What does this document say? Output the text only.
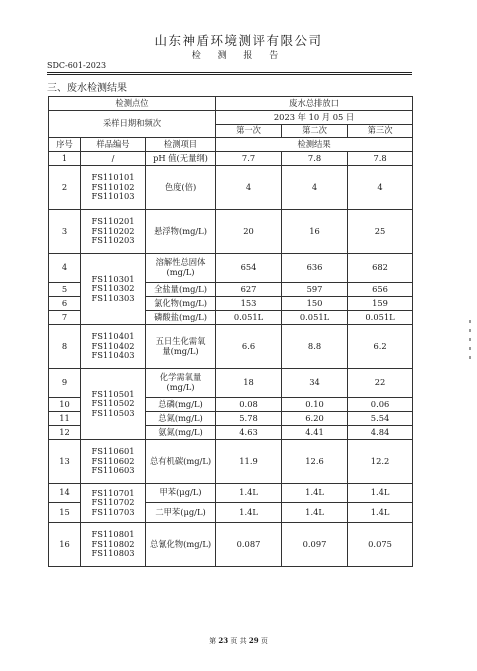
山东神盾环境测评有限公司
检 测 报 告
SDC-601-2023
三、废水检测结果
检测点位			废水总排放口		
采样日期和频次			2023 年 10 月 05 日		
			第一次	第二次	第三次
序号	样品编号	检测项目	检测结果		
1	/	pH 值(无量纲)	7.7	7.8	7.8
2	FS110101
FS110102
FS110103	色度(倍)	4	4	4
3	FS110201
FS110202
FS110203	悬浮物(mg/L)	20	16	25
4	FS110301
FS110302
FS110303	溶解性总固体
(mg/L)	654	636	682
5		全盐量(mg/L)	627	597	656
6		氯化物(mg/L)	153	150	159
7		磷酸盐(mg/L)	0.051L	0.051L	0.051L
8	FS110401
FS110402
FS110403	五日生化需氧
量(mg/L)	6.6	8.8	6.2
9	FS110501
FS110502
FS110503	化学需氧量
(mg/L)	18	34	22
10		总磷(mg/L)	0.08	0.10	0.06
11		总氮(mg/L)	5.78	6.20	5.54
12		氨氮(mg/L)	4.63	4.41	4.84
13	FS110601
FS110602
FS110603	总有机碳(mg/L)	11.9	12.6	12.2
14	FS110701
FS110702
FS110703	甲苯(μg/L)	1.4L	1.4L	1.4L
15		二甲苯(μg/L)	1.4L	1.4L	1.4L
16	FS110801
FS110802
FS110803	总氰化物(mg/L)	0.087	0.097	0.075
第 23 页 共 29 页
